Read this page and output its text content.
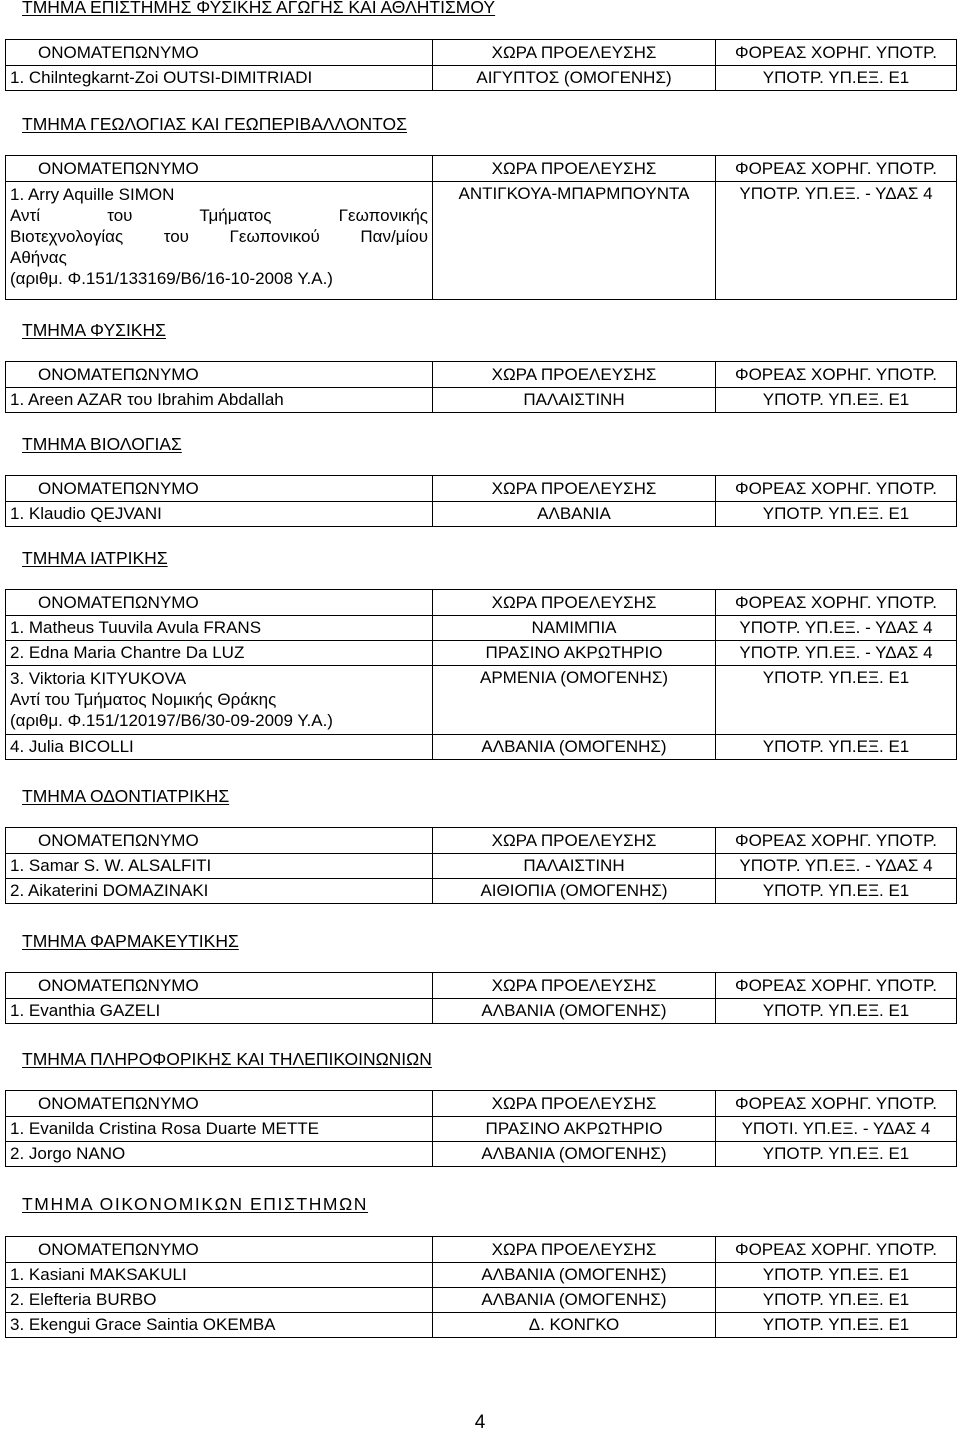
ΤΜΗΜΑ ΕΠΙΣΤΗΜΗΣ ΦΥΣΙΚΗΣ ΑΓΩΓΗΣ ΚΑΙ ΑΘΛΗΤΙΣΜΟΥ
ΟΝΟΜΑΤΕΠΩΝΥΜΟ	ΧΩΡΑ ΠΡΟΕΛΕΥΣΗΣ	ΦΟΡΕΑΣ ΧΟΡΗΓ. ΥΠΟΤΡ.
1. Chilntegkarnt-Zoi OUTSI-DIMITRIADI	ΑΙΓΥΠΤΟΣ (ΟΜΟΓΕΝΗΣ)	ΥΠΟΤΡ. ΥΠ.ΕΞ. Ε1
ΤΜΗΜΑ ΓΕΩΛΟΓΙΑΣ ΚΑΙ ΓΕΩΠΕΡΙΒΑΛΛΟΝΤΟΣ
ΟΝΟΜΑΤΕΠΩΝΥΜΟ	ΧΩΡΑ ΠΡΟΕΛΕΥΣΗΣ	ΦΟΡΕΑΣ ΧΟΡΗΓ. ΥΠΟΤΡ.

1. Arry Aquille SIMON
Αντί του Τμήματος Γεωπονικής
Βιοτεχνολογίας του Γεωπονικού Παν/μίου
Αθήνας
(αριθμ. Φ.151/133169/Β6/16-10-2008 Υ.Α.)	ΑΝΤΙΓΚΟΥΑ-ΜΠΑΡΜΠΟΥΝΤΑ	ΥΠΟΤΡ. ΥΠ.ΕΞ. - ΥΔΑΣ 4
ΤΜΗΜΑ ΦΥΣΙΚΗΣ
ΟΝΟΜΑΤΕΠΩΝΥΜΟ	ΧΩΡΑ ΠΡΟΕΛΕΥΣΗΣ	ΦΟΡΕΑΣ ΧΟΡΗΓ. ΥΠΟΤΡ.
1. Areen AZAR του Ibrahim Abdallah	ΠΑΛΑΙΣΤΙΝΗ	ΥΠΟΤΡ. ΥΠ.ΕΞ. Ε1
ΤΜΗΜΑ ΒΙΟΛΟΓΙΑΣ
ΟΝΟΜΑΤΕΠΩΝΥΜΟ	ΧΩΡΑ ΠΡΟΕΛΕΥΣΗΣ	ΦΟΡΕΑΣ ΧΟΡΗΓ. ΥΠΟΤΡ.
1. Klaudio QEJVANI	ΑΛΒΑΝΙΑ	ΥΠΟΤΡ. ΥΠ.ΕΞ. Ε1
ΤΜΗΜΑ ΙΑΤΡΙΚΗΣ
ΟΝΟΜΑΤΕΠΩΝΥΜΟ	ΧΩΡΑ ΠΡΟΕΛΕΥΣΗΣ	ΦΟΡΕΑΣ ΧΟΡΗΓ. ΥΠΟΤΡ.
1. Matheus Tuuvila Avula FRANS	ΝΑΜΙΜΠΙΑ	ΥΠΟΤΡ. ΥΠ.ΕΞ. - ΥΔΑΣ 4
2. Edna Maria Chantre Da LUZ	ΠΡΑΣΙΝΟ ΑΚΡΩΤΗΡΙΟ	ΥΠΟΤΡ. ΥΠ.ΕΞ. - ΥΔΑΣ 4

3. Viktoria KITYUKOVA
Αντί του Τμήματος Νομικής Θράκης
(αριθμ. Φ.151/120197/Β6/30-09-2009 Υ.Α.)	ΑΡΜΕΝΙΑ (ΟΜΟΓΕΝΗΣ)	ΥΠΟΤΡ. ΥΠ.ΕΞ. Ε1
4. Julia BICOLLI	ΑΛΒΑΝΙΑ (ΟΜΟΓΕΝΗΣ)	ΥΠΟΤΡ. ΥΠ.ΕΞ. Ε1
ΤΜΗΜΑ ΟΔΟΝΤΙΑΤΡΙΚΗΣ
ΟΝΟΜΑΤΕΠΩΝΥΜΟ	ΧΩΡΑ ΠΡΟΕΛΕΥΣΗΣ	ΦΟΡΕΑΣ ΧΟΡΗΓ. ΥΠΟΤΡ.
1. Samar S. W. ALSALFITI	ΠΑΛΑΙΣΤΙΝΗ	ΥΠΟΤΡ. ΥΠ.ΕΞ. - ΥΔΑΣ 4
2. Aikaterini DOMAZINAKI	ΑΙΘΙΟΠΙΑ (ΟΜΟΓΕΝΗΣ)	ΥΠΟΤΡ. ΥΠ.ΕΞ. Ε1
ΤΜΗΜΑ ΦΑΡΜΑΚΕΥΤΙΚΗΣ
ΟΝΟΜΑΤΕΠΩΝΥΜΟ	ΧΩΡΑ ΠΡΟΕΛΕΥΣΗΣ	ΦΟΡΕΑΣ ΧΟΡΗΓ. ΥΠΟΤΡ.
1. Evanthia GAZELI	ΑΛΒΑΝΙΑ (ΟΜΟΓΕΝΗΣ)	ΥΠΟΤΡ. ΥΠ.ΕΞ. Ε1
ΤΜΗΜΑ ΠΛΗΡΟΦΟΡΙΚΗΣ ΚΑΙ ΤΗΛΕΠΙΚΟΙΝΩΝΙΩΝ
ΟΝΟΜΑΤΕΠΩΝΥΜΟ	ΧΩΡΑ ΠΡΟΕΛΕΥΣΗΣ	ΦΟΡΕΑΣ ΧΟΡΗΓ. ΥΠΟΤΡ.
1. Evanilda Cristina Rosa Duarte METTE	ΠΡΑΣΙΝΟ ΑΚΡΩΤΗΡΙΟ	ΥΠΟΤΙ. ΥΠ.ΕΞ. - ΥΔΑΣ 4
2. Jorgo NANO	ΑΛΒΑΝΙΑ (ΟΜΟΓΕΝΗΣ)	ΥΠΟΤΡ. ΥΠ.ΕΞ. Ε1
ΤΜΗΜΑ ΟΙΚΟΝΟΜΙΚΩΝ ΕΠΙΣΤΗΜΩΝ
ΟΝΟΜΑΤΕΠΩΝΥΜΟ	ΧΩΡΑ ΠΡΟΕΛΕΥΣΗΣ	ΦΟΡΕΑΣ ΧΟΡΗΓ. ΥΠΟΤΡ.
1. Kasiani MAKSAKULI	ΑΛΒΑΝΙΑ (ΟΜΟΓΕΝΗΣ)	ΥΠΟΤΡ. ΥΠ.ΕΞ. Ε1
2. Elefteria BURBO	ΑΛΒΑΝΙΑ (ΟΜΟΓΕΝΗΣ)	ΥΠΟΤΡ. ΥΠ.ΕΞ. Ε1
3. Ekengui Grace Saintia OKEMBA	Δ. ΚΟΝΓΚΟ	ΥΠΟΤΡ. ΥΠ.ΕΞ. Ε1
4
